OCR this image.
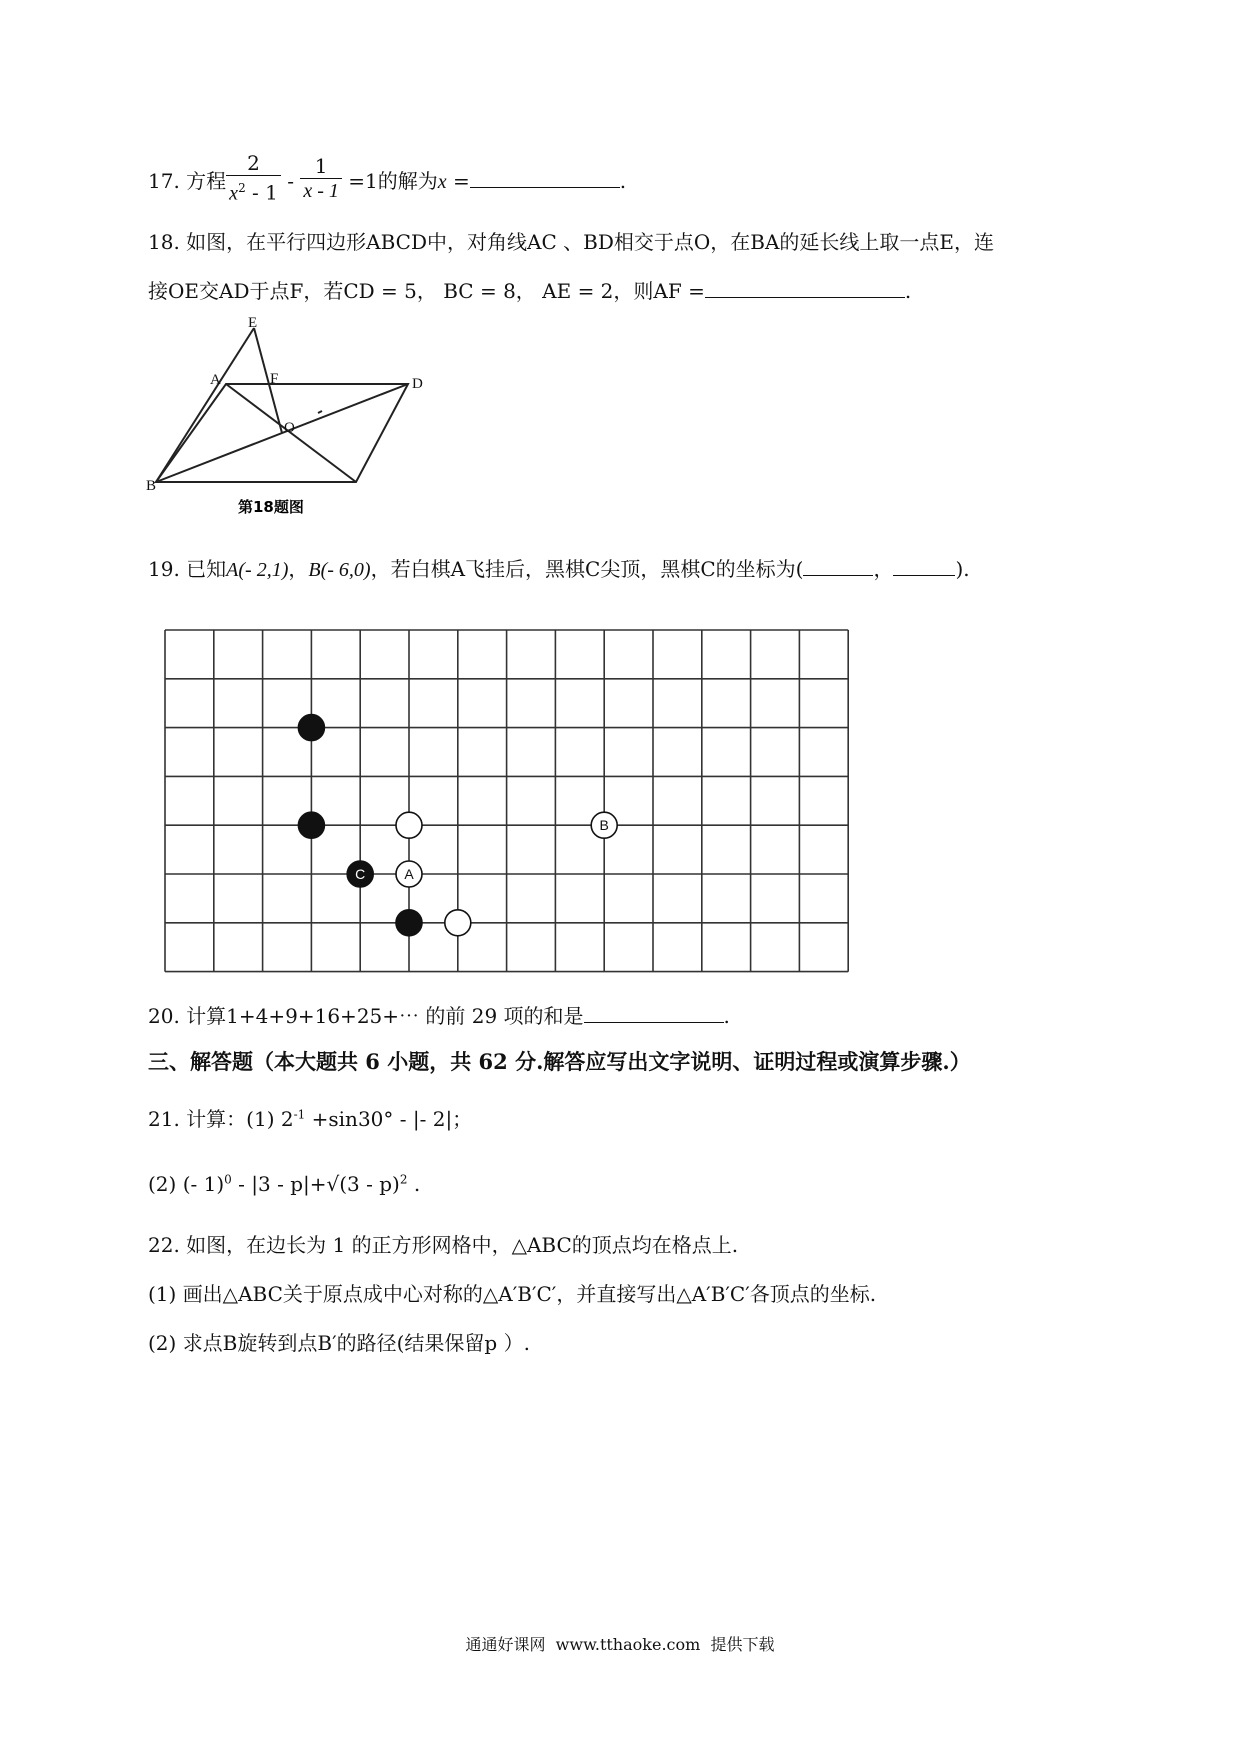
17. 方程 $\frac{2}{x^2 - 1} - \frac{1}{x - 1} =1$的解为x =	.
18. 如图，在平行四边形ABCD中，对角线AC 、BD相交于点O，在BA的延长线上取一点E，连
接OE交AD于点F，若CD = 5， BC = 8， AE = 2，则AF =	.
E
A	F	D
O
B
第18题图
19. 已知A(- 2,1)，B(- 6,0)，若白棋A飞挂后，黑棋C尖顶，黑棋C的坐标为(	，	).
B
C	A
20. 计算1+4+9+16+25+⋯ 的前 29 项的和是	.
三、解答题（本大题共 6 小题，共 62 分.解答应写出文字说明、证明过程或演算步骤.）
21. 计算：(1) $2^{-1} +\sin 30^\circ$ - |- 2|；
(2) (- 1)$^0$ - |3 - p|+√(3 - p)$^2$ .
22. 如图，在边长为 1 的正方形网格中，△ABC的顶点均在格点上.
(1) 画出△ABC关于原点成中心对称的△A′B′C′，并直接写出△A′B′C′各顶点的坐标.
(2) 求点B旋转到点B′的路径(结果保留p ）.
通通好课网  www.tthaoke.com  提供下载
